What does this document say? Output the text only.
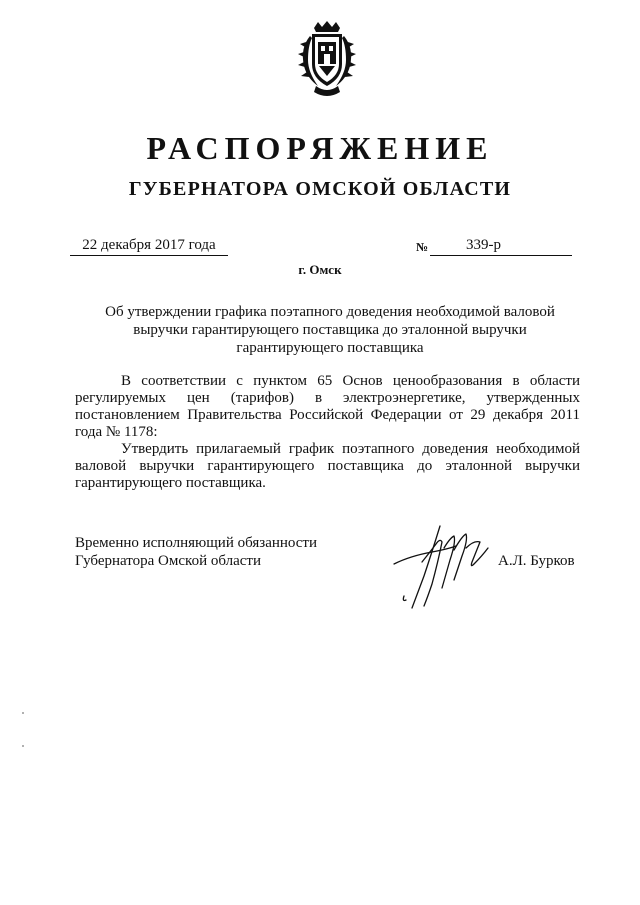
РАСПОРЯЖЕНИЕ
ГУБЕРНАТОРА ОМСКОЙ ОБЛАСТИ
22 декабря 2017 года	№	339-р
г. Омск
Об утверждении графика поэтапного доведения необходимой валовой
выручки гарантирующего поставщика до эталонной выручки
гарантирующего поставщика

В соответствии с пунктом 65 Основ ценообразования в области регулируемых цен (тарифов) в электроэнергетике, утвержденных постановлением Правительства Российской Федерации от 29 декабря 2011 года № 1178:

Утвердить прилагаемый график поэтапного доведения необходимой валовой выручки гарантирующего поставщика до эталонной выручки гарантирующего поставщика.

Временно исполняющий обязанности
Губернатора Омской области	А.Л. Бурков
